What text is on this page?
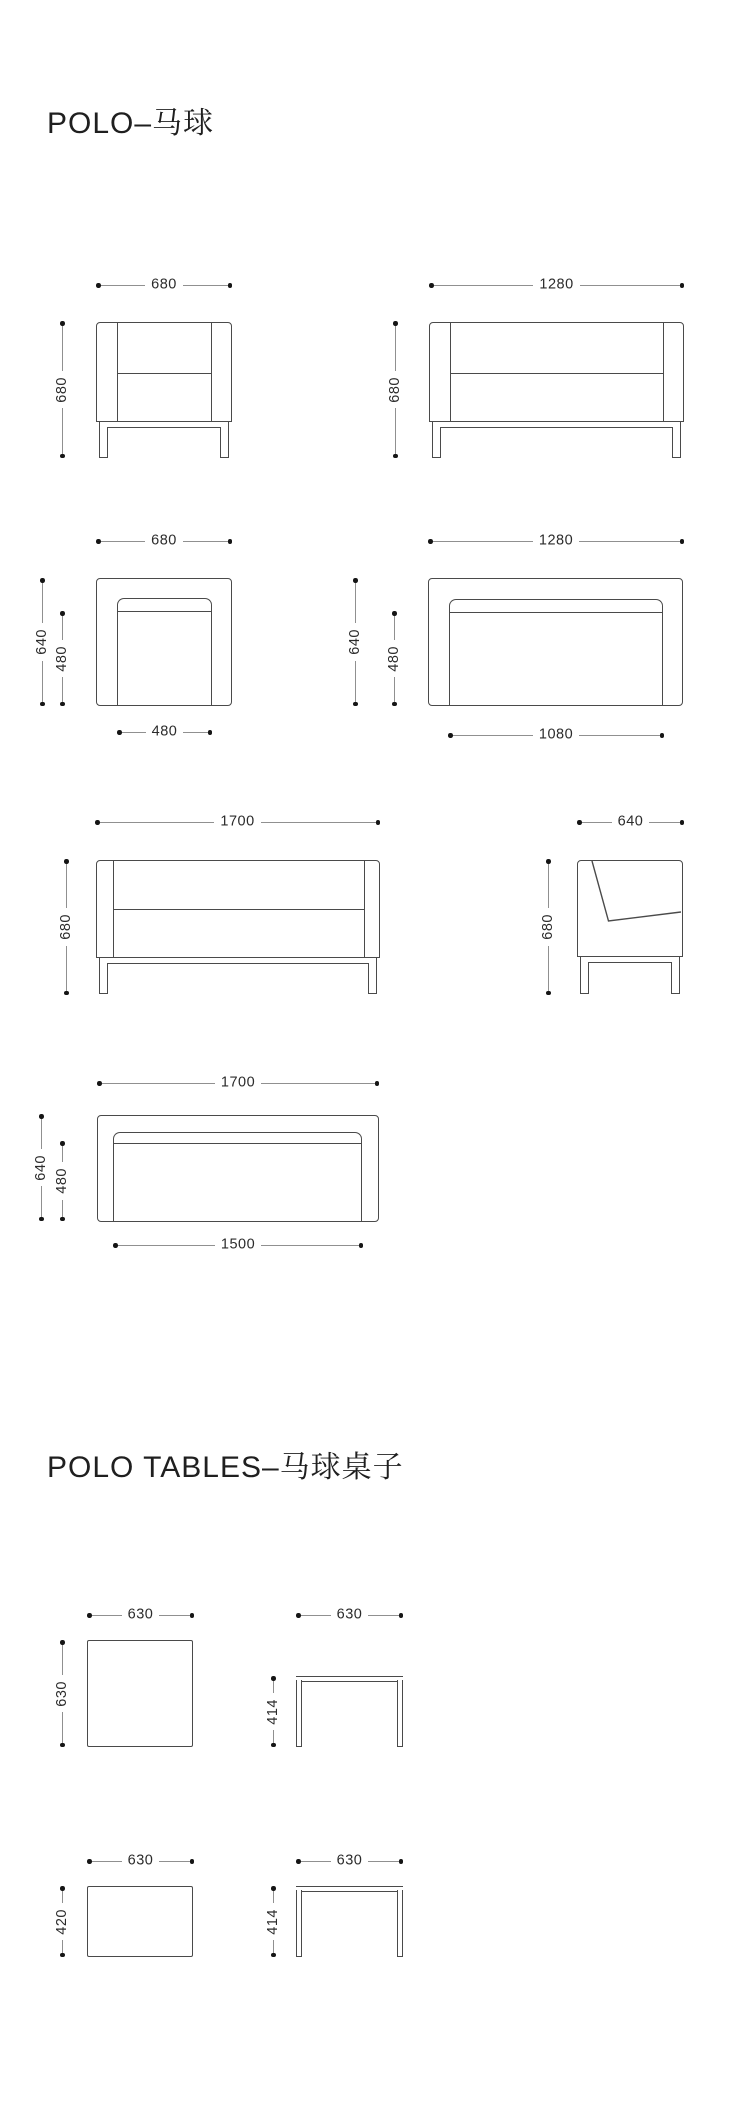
POLO–马球
680
680
1280
680
680
640
480
480
1280
640
480
1080
1700
680
640
680
1700
640
480
1500
POLO TABLES–马球桌子
630
630
630
414
630
420
630
414
